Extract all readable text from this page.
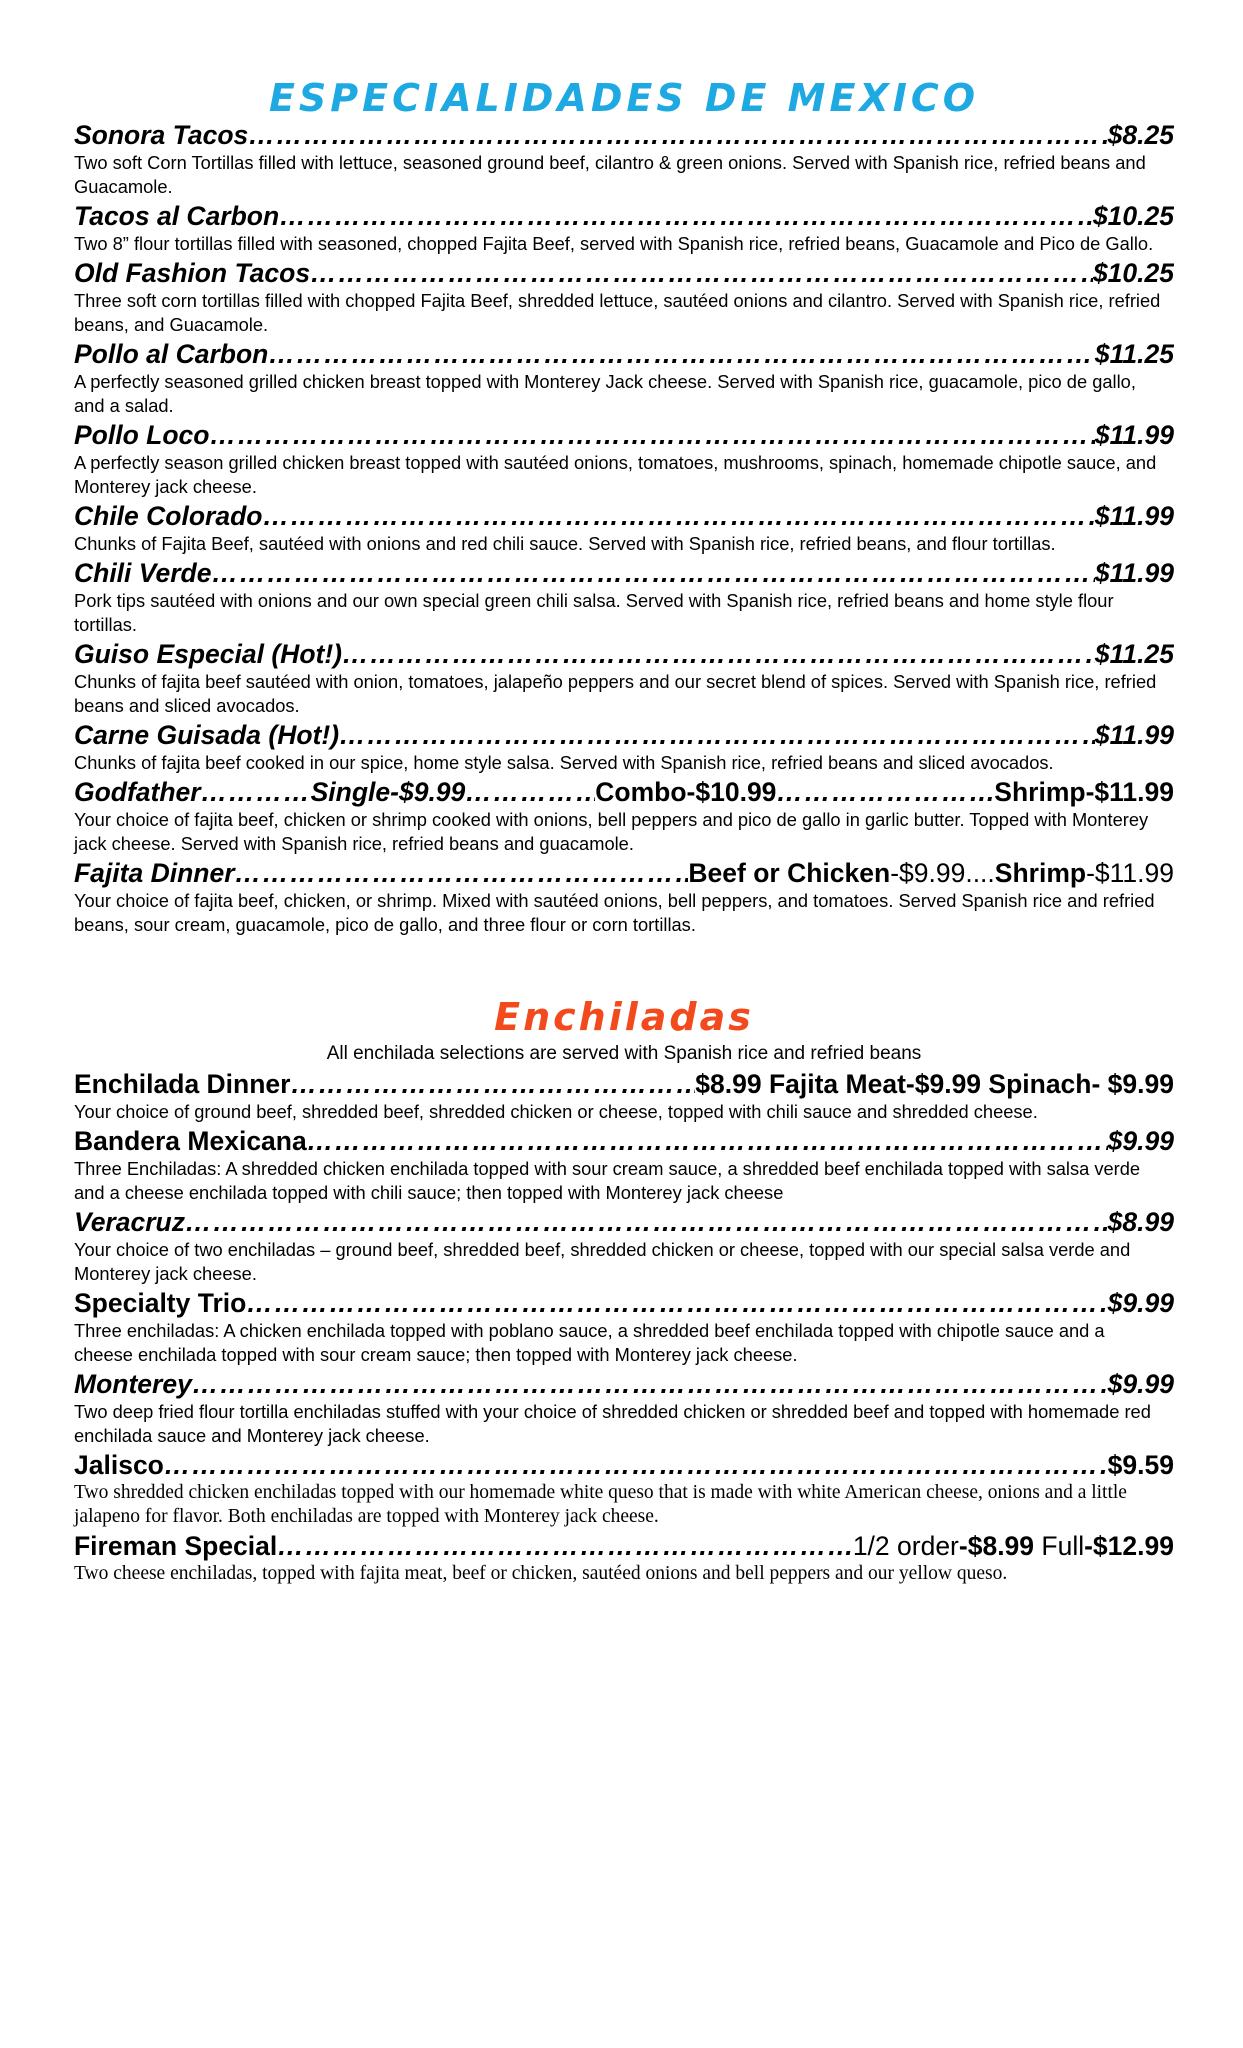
ESPECIALIDADES DE MEXICO
Sonora Tacos ……………………………………………………………………………………………………………………………………………………………………………	$8.25
Two soft Corn Tortillas filled with lettuce, seasoned ground beef, cilantro & green onions. Served with Spanish rice, refried beans and Guacamole.
Tacos al Carbon ……………………………………………………………………………………………………………………………………………………………………………	$10.25
Two 8” flour tortillas filled with seasoned, chopped Fajita Beef, served with Spanish rice, refried beans, Guacamole and Pico de Gallo.
Old Fashion Tacos ……………………………………………………………………………………………………………………………………………………………………………	$10.25
Three soft corn tortillas filled with chopped Fajita Beef, shredded lettuce, sautéed onions and cilantro. Served with Spanish rice, refried beans, and Guacamole.
Pollo al Carbon ……………………………………………………………………………………………………………………………………………………………………………	$11.25
A perfectly seasoned grilled chicken breast topped with Monterey Jack cheese. Served with Spanish rice, guacamole, pico de gallo, and a salad.
Pollo Loco ……………………………………………………………………………………………………………………………………………………………………………	$11.99
A perfectly season grilled chicken breast topped with sautéed onions, tomatoes, mushrooms, spinach, homemade chipotle sauce, and Monterey jack cheese.
Chile Colorado ……………………………………………………………………………………………………………………………………………………………………………	$11.99
Chunks of Fajita Beef, sautéed with onions and red chili sauce. Served with Spanish rice, refried beans, and flour tortillas.
Chili Verde ……………………………………………………………………………………………………………………………………………………………………………	$11.99
Pork tips sautéed with onions and our own special green chili salsa. Served with Spanish rice, refried beans and home style flour tortillas.
Guiso Especial (Hot!) ……………………………………………………………………………………………………………………………………………………………………………	$11.25
Chunks of fajita beef sautéed with onion, tomatoes, jalapeño peppers and our secret blend of spices. Served with Spanish rice, refried beans and sliced avocados.
Carne Guisada (Hot!) ……………………………………………………………………………………………………………………………………………………………………………	$11.99
Chunks of fajita beef cooked in our spice, home style salsa. Served with Spanish rice, refried beans and sliced avocados.
Godfather ……………………………………………………………………………………………………………………………………………………………………………	Single-$9.99 ……………………………………………………………………………………………………………………………………………………………………………	Combo-$10.99 ……………………………………………………………………………………………………………………………………………………………………………	Shrimp-$11.99
Your choice of fajita beef, chicken or shrimp cooked with onions, bell peppers and pico de gallo in garlic butter. Topped with Monterey jack cheese. Served with Spanish rice, refried beans and guacamole.
Fajita Dinner ……………………………………………………………………………………………………………………………………………………………………………	Beef or Chicken -$9.99 .... Shrimp -$11.99
Your choice of fajita beef, chicken, or shrimp. Mixed with sautéed onions, bell peppers, and tomatoes. Served Spanish rice and refried beans, sour cream, guacamole, pico de gallo, and three flour or corn tortillas.
Enchiladas
All enchilada selections are served with Spanish rice and refried beans
Enchilada Dinner ……………………………………………………………………………………………………………………………………………………………………………	$8.99 Fajita Meat-$9.99 Spinach- $9.99
Your choice of ground beef, shredded beef, shredded chicken or cheese, topped with chili sauce and shredded cheese.
Bandera Mexicana ……………………………………………………………………………………………………………………………………………………………………………	$9.99
Three Enchiladas: A shredded chicken enchilada topped with sour cream sauce, a shredded beef enchilada topped with salsa verde and a cheese enchilada topped with chili sauce; then topped with Monterey jack cheese
Veracruz ……………………………………………………………………………………………………………………………………………………………………………	$8.99
Your choice of two enchiladas – ground beef, shredded beef, shredded chicken or cheese, topped with our special salsa verde and Monterey jack cheese.
Specialty Trio ……………………………………………………………………………………………………………………………………………………………………………	$9.99
Three enchiladas: A chicken enchilada topped with poblano sauce, a shredded beef enchilada topped with chipotle sauce and a cheese enchilada topped with sour cream sauce; then topped with Monterey jack cheese.
Monterey ……………………………………………………………………………………………………………………………………………………………………………	$9.99
Two deep fried flour tortilla enchiladas stuffed with your choice of shredded chicken or shredded beef and topped with homemade red enchilada sauce and Monterey jack cheese.
Jalisco ……………………………………………………………………………………………………………………………………………………………………………	$9.59
Two shredded chicken enchiladas topped with our homemade white queso that is made with white American cheese, onions and a little jalapeno for flavor. Both enchiladas are topped with Monterey jack cheese.
Fireman Special ……………………………………………………………………………………………………………………………………………………………………………	1/2 order -$8.99 Full -$12.99
Two cheese enchiladas, topped with fajita meat, beef or chicken, sautéed onions and bell peppers and our yellow queso.
